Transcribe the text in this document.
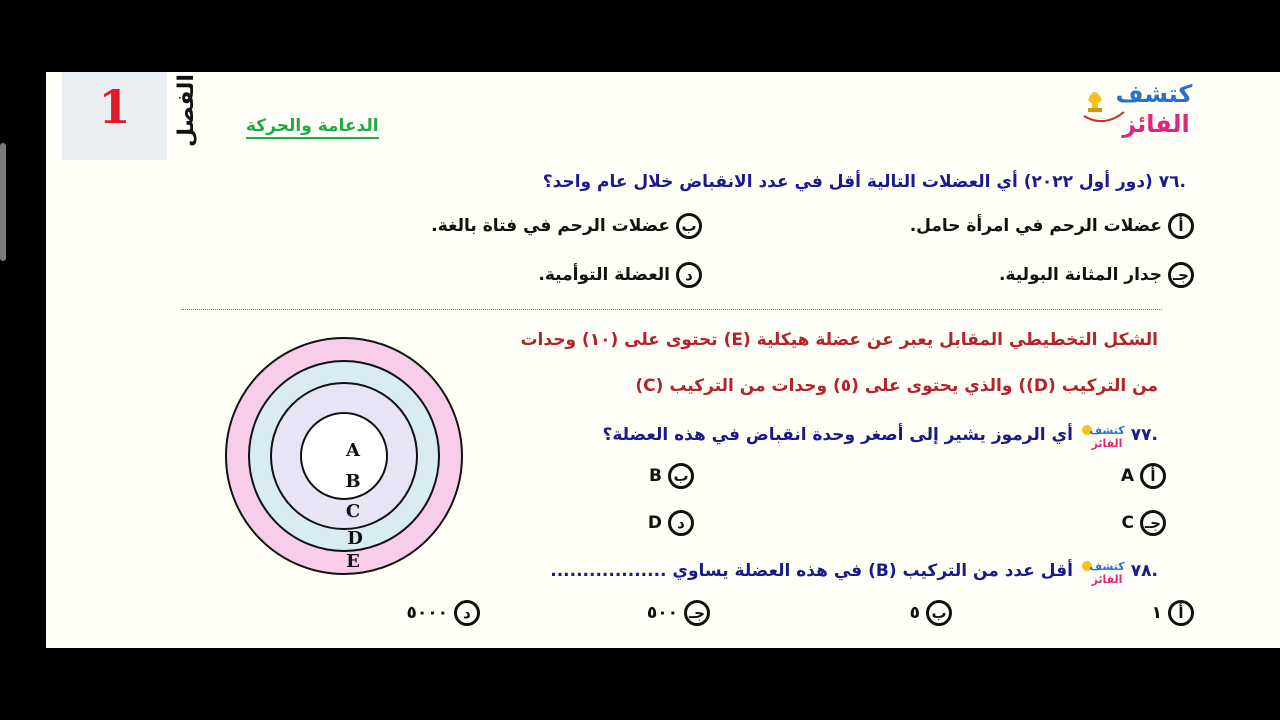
1	الفصل	الدعامة والحركة
كتشف
الفائز
.٧٦ (دور أول ٢٠٢٢) أي العضلات التالية أقل في عدد الانقباض خلال عام واحد؟
أ
عضلات الرحم في امرأة حامل.
ب
عضلات الرحم في فتاة بالغة.
جـ
جدار المثانة البولية.
د
العضلة التوأمية.
الشكل التخطيطي المقابل يعبر عن عضلة هيكلية (E) تحتوى على (١٠) وحدات
من التركيب (D)) والذي يحتوى على (٥) وحدات من التركيب (C)
A
B
C
D
E
.٧٧
كتشف
الفائز
أي الرموز يشير إلى أصغر وحدة انقباض في هذه العضلة؟
أ
A
ب
B
جـ
C
د
D
.٧٨
كتشف
الفائز
أقل عدد من التركيب (B) في هذه العضلة يساوي ..................
أ
١
ب
٥
جـ
٥٠٠
د
٥٠٠٠
